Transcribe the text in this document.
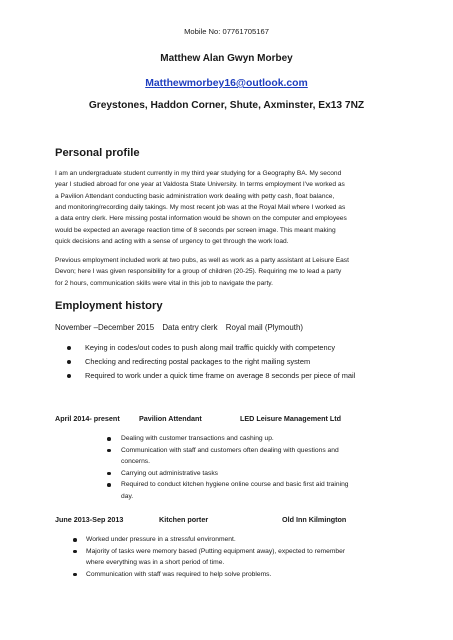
Mobile No: 07761705167
Matthew Alan Gwyn Morbey
Matthewmorbey16@outlook.com
Greystones, Haddon Corner, Shute, Axminster, Ex13 7NZ
Personal profile
I am an undergraduate student currently in my third year studying for a Geography BA. My second
year I studied abroad for one year at Valdosta State University. In terms employment I've worked as
a Pavilion Attendant conducting basic administration work dealing with petty cash, float balance,
and monitoring/recording daily takings. My most recent job was at the Royal Mail where I worked as
a data entry clerk. Here missing postal information would be shown on the computer and employees
would be expected an average reaction time of 8 seconds per screen image. This meant making
quick decisions and acting with a sense of urgency to get through the work load.
Previous employment included work at two pubs, as well as work as a party assistant at Leisure East
Devon; here I was given responsibility for a group of children (20-25). Requiring me to lead a party
for 2 hours, communication skills were vital in this job to navigate the party.
Employment history
November –December 2015 Data entry clerk Royal mail (Plymouth)
Keying in codes/out codes to push along mail traffic quickly with competency
Checking and redirecting postal packages to the right mailing system
Required to work under a quick time frame on average 8 seconds per piece of mail
April 2014- present	Pavilion Attendant	LED Leisure Management Ltd
Dealing with customer transactions and cashing up.
Communication with staff and customers often dealing with questions and
concerns.
Carrying out administrative tasks
Required to conduct kitchen hygiene online course and basic first aid training
day.
June 2013-Sep 2013	Kitchen porter	Old Inn Kilmington
Worked under pressure in a stressful environment.
Majority of tasks were memory based (Putting equipment away), expected to remember
where everything was in a short period of time.
Communication with staff was required to help solve problems.
